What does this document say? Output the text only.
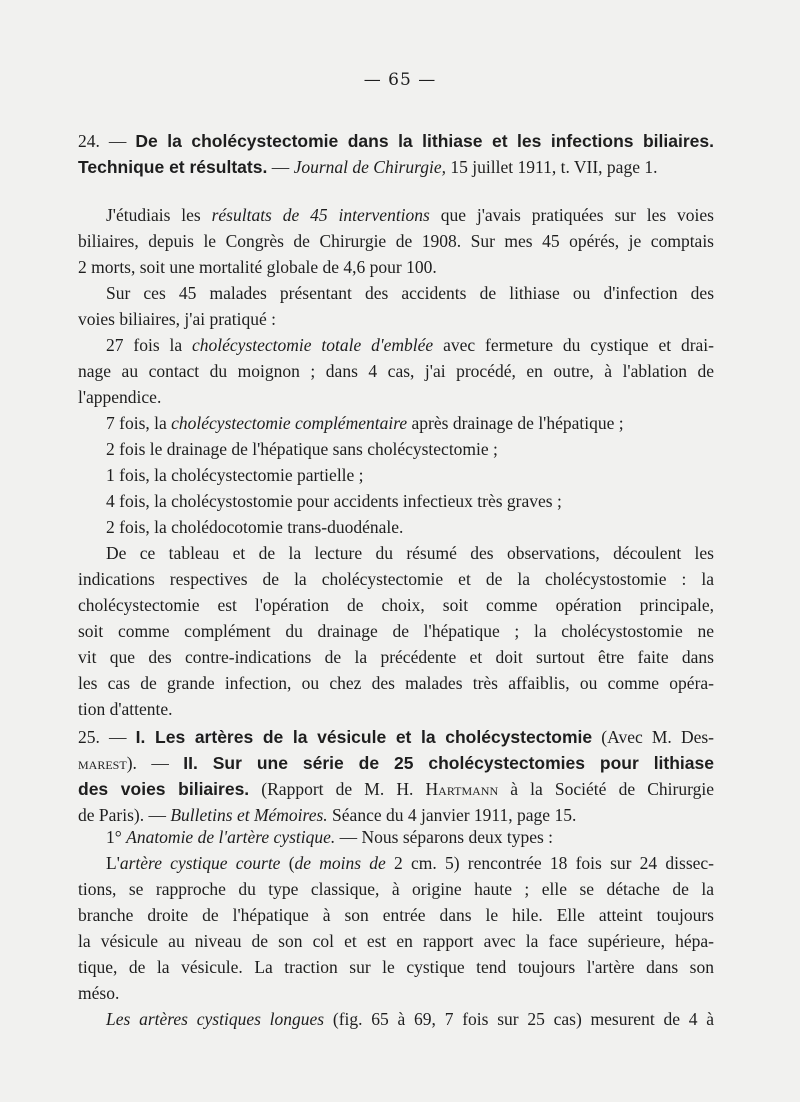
— 65 —
24. — De la cholécystectomie dans la lithiase et les infections biliaires.
Technique et résultats. — Journal de Chirurgie, 15 juillet 1911, t. VII, page 1.
J'étudiais les résultats de 45 interventions que j'avais pratiquées sur les voies
biliaires, depuis le Congrès de Chirurgie de 1908. Sur mes 45 opérés, je comptais
2 morts, soit une mortalité globale de 4,6 pour 100.
Sur ces 45 malades présentant des accidents de lithiase ou d'infection des
voies biliaires, j'ai pratiqué :
27 fois la cholécystectomie totale d'emblée avec fermeture du cystique et drai-
nage au contact du moignon ; dans 4 cas, j'ai procédé, en outre, à l'ablation de
l'appendice.
7 fois, la cholécystectomie complémentaire après drainage de l'hépatique ;
2 fois le drainage de l'hépatique sans cholécystectomie ;
1 fois, la cholécystectomie partielle ;
4 fois, la cholécystostomie pour accidents infectieux très graves ;
2 fois, la cholédocotomie trans-duodénale.
De ce tableau et de la lecture du résumé des observations, découlent les
indications respectives de la cholécystectomie et de la cholécystostomie : la
cholécystectomie est l'opération de choix, soit comme opération principale,
soit comme complément du drainage de l'hépatique ; la cholécystostomie ne
vit que des contre-indications de la précédente et doit surtout être faite dans
les cas de grande infection, ou chez des malades très affaiblis, ou comme opéra-
tion d'attente.
25. — I. Les artères de la vésicule et la cholécystectomie (Avec M. Des-
marest). — II. Sur une série de 25 cholécystectomies pour lithiase
des voies biliaires. (Rapport de M. H. Hartmann à la Société de Chirurgie
de Paris). — Bulletins et Mémoires. Séance du 4 janvier 1911, page 15.
1° Anatomie de l'artère cystique. — Nous séparons deux types :
L'artère cystique courte (de moins de 2 cm. 5) rencontrée 18 fois sur 24 dissec-
tions, se rapproche du type classique, à origine haute ; elle se détache de la
branche droite de l'hépatique à son entrée dans le hile. Elle atteint toujours
la vésicule au niveau de son col et est en rapport avec la face supérieure, hépa-
tique, de la vésicule. La traction sur le cystique tend toujours l'artère dans son
méso.
Les artères cystiques longues (fig. 65 à 69, 7 fois sur 25 cas) mesurent de 4 à
